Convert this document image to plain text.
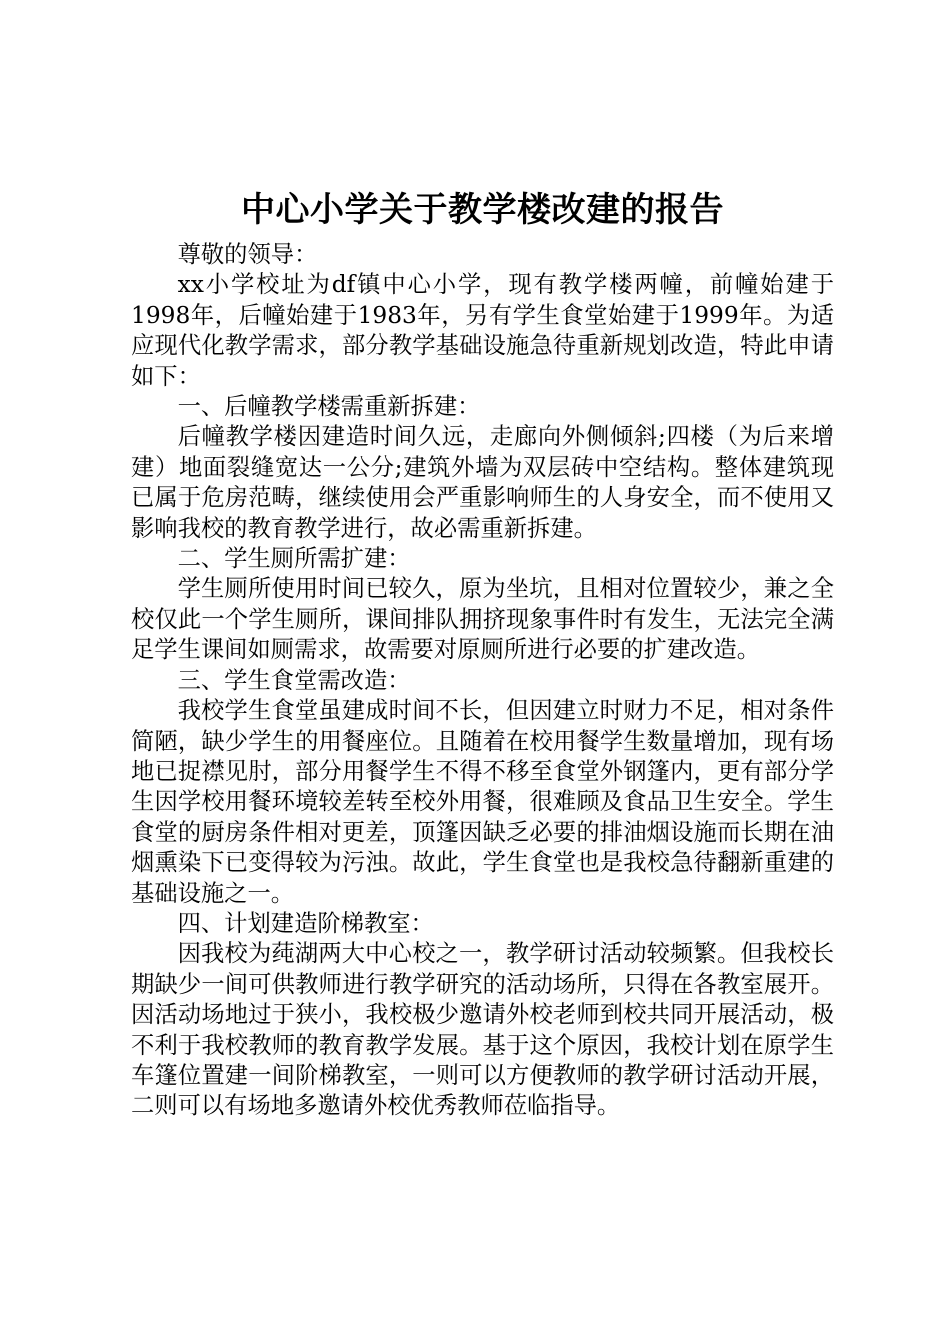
中心小学关于教学楼改建的报告

尊敬的领导：

xx小学校址为df镇中心小学，现有教学楼两幢，前幢始建于1998年，后幢始建于1983年，另有学生食堂始建于1999年。为适应现代化教学需求，部分教学基础设施急待重新规划改造，特此申请如下：

一、后幢教学楼需重新拆建：

后幢教学楼因建造时间久远，走廊向外侧倾斜;四楼（为后来增建）地面裂缝宽达一公分;建筑外墙为双层砖中空结构。整体建筑现已属于危房范畴，继续使用会严重影响师生的人身安全，而不使用又影响我校的教育教学进行，故必需重新拆建。

二、学生厕所需扩建：

学生厕所使用时间已较久，原为坐坑，且相对位置较少，兼之全校仅此一个学生厕所，课间排队拥挤现象事件时有发生，无法完全满足学生课间如厕需求，故需要对原厕所进行必要的扩建改造。

三、学生食堂需改造：

我校学生食堂虽建成时间不长，但因建立时财力不足，相对条件简陋，缺少学生的用餐座位。且随着在校用餐学生数量增加，现有场地已捉襟见肘，部分用餐学生不得不移至食堂外钢篷内，更有部分学生因学校用餐环境较差转至校外用餐，很难顾及食品卫生安全。学生食堂的厨房条件相对更差，顶篷因缺乏必要的排油烟设施而长期在油烟熏染下已变得较为污浊。故此，学生食堂也是我校急待翻新重建的基础设施之一。

四、计划建造阶梯教室：

因我校为莼湖两大中心校之一，教学研讨活动较频繁。但我校长期缺少一间可供教师进行教学研究的活动场所，只得在各教室展开。因活动场地过于狭小，我校极少邀请外校老师到校共同开展活动，极不利于我校教师的教育教学发展。基于这个原因，我校计划在原学生车篷位置建一间阶梯教室，一则可以方便教师的教学研讨活动开展，二则可以有场地多邀请外校优秀教师莅临指导。
